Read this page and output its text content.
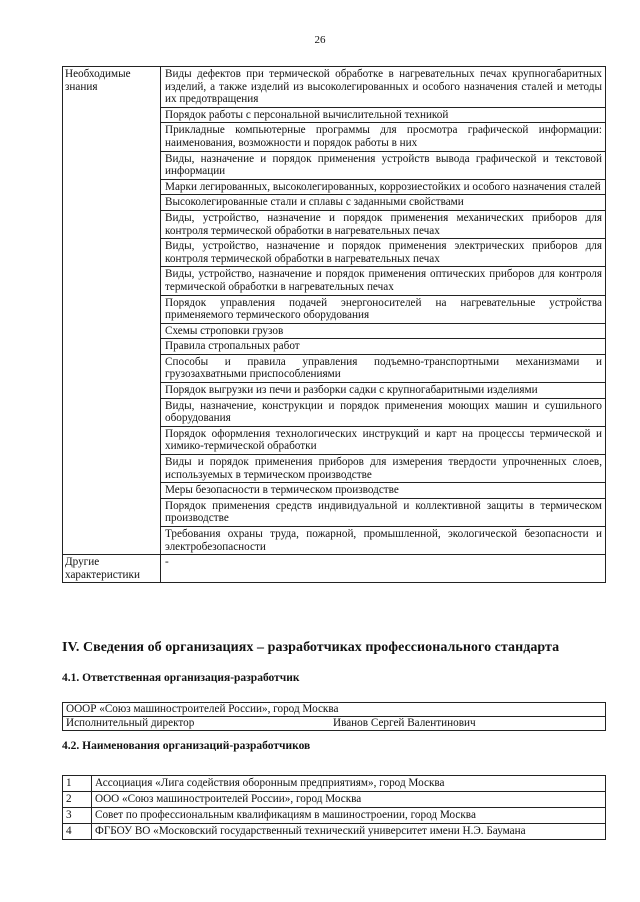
26
Необходимые знания	Виды дефектов при термической обработке в нагревательных печах крупногабаритных изделий, а также изделий из высоколегированных и особого назначения сталей и методы их предотвращения
	Порядок работы с персональной вычислительной техникой
	Прикладные компьютерные программы для просмотра графической информации: наименования, возможности и порядок работы в них
	Виды, назначение и порядок применения устройств вывода графической и текстовой информации
	Марки легированных, высоколегированных, коррозиестойких и особого назначения сталей
	Высоколегированные стали и сплавы с заданными свойствами
	Виды, устройство, назначение и порядок применения механических приборов для контроля термической обработки в нагревательных печах
	Виды, устройство, назначение и порядок применения электрических приборов для контроля термической обработки в нагревательных печах
	Виды, устройство, назначение и порядок применения оптических приборов для контроля термической обработки в нагревательных печах
	Порядок управления подачей энергоносителей на нагревательные устройства применяемого термического оборудования
	Схемы строповки грузов
	Правила стропальных работ
	Способы и правила управления подъемно-транспортными механизмами и грузозахватными приспособлениями
	Порядок выгрузки из печи и разборки садки с крупногабаритными изделиями
	Виды, назначение, конструкции и порядок применения моющих машин и сушильного оборудования
	Порядок оформления технологических инструкций и карт на процессы термической и химико-термической обработки
	Виды и порядок применения приборов для измерения твердости упрочненных слоев, используемых в термическом производстве
	Меры безопасности в термическом производстве
	Порядок применения средств индивидуальной и коллективной защиты в термическом производстве
	Требования охраны труда, пожарной, промышленной, экологической безопасности и электробезопасности
Другие характеристики	-
IV. Сведения об организациях – разработчиках профессионального стандарта
4.1. Ответственная организация-разработчик
ОООР «Союз машиностроителей России», город Москва
Исполнительный директор	Иванов Сергей Валентинович
4.2. Наименования организаций-разработчиков
1	Ассоциация «Лига содействия оборонным предприятиям», город Москва
2	ООО «Союз машиностроителей России», город Москва
3	Совет по профессиональным квалификациям в машиностроении, город Москва
4	ФГБОУ ВО «Московский государственный технический университет имени Н.Э. Баумана
